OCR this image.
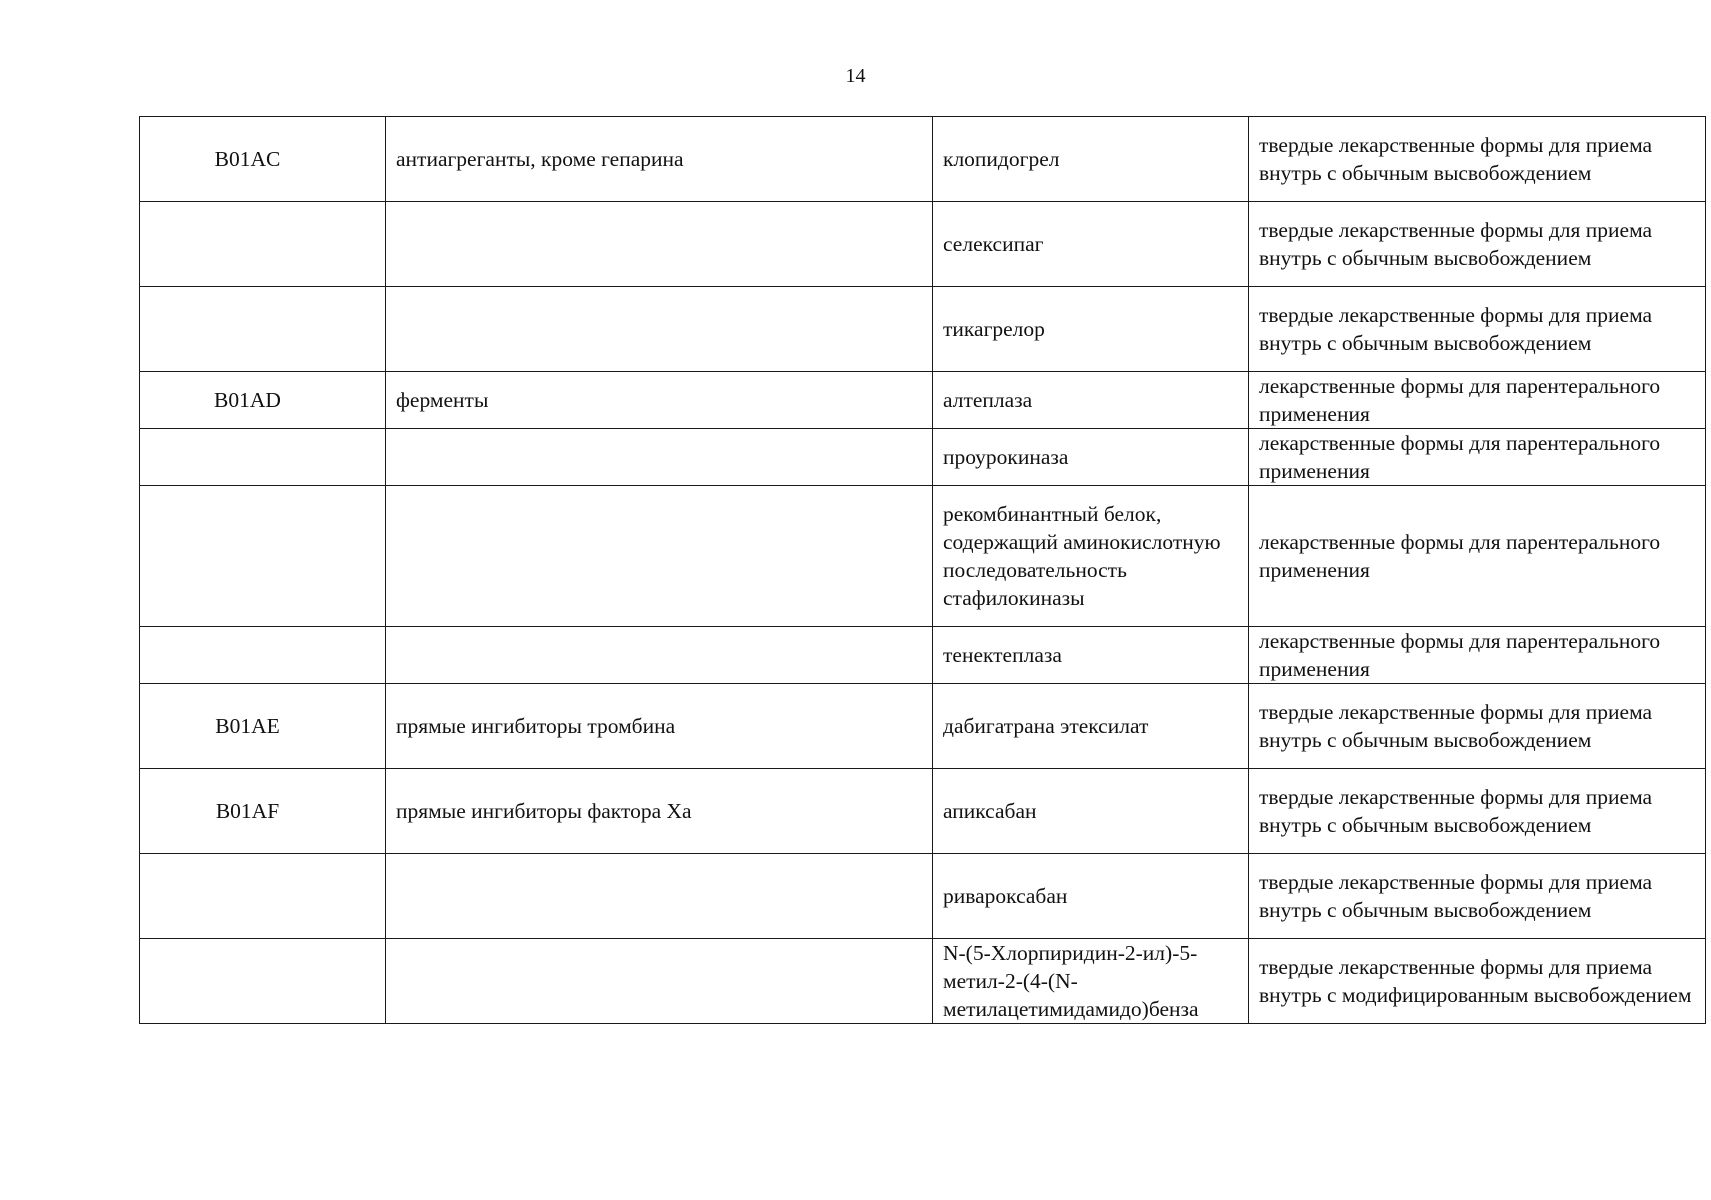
14
B01AC	антиагреганты, кроме гепарина	клопидогрел	твердые лекарственные формы для приема внутрь с обычным высвобождением
		селексипаг	твердые лекарственные формы для приема внутрь с обычным высвобождением
		тикагрелор	твердые лекарственные формы для приема внутрь с обычным высвобождением
B01AD	ферменты	алтеплаза	лекарственные формы для парентерального применения
		проурокиназа	лекарственные формы для парентерального применения
		рекомбинантный белок, содержащий аминокислотную последовательность стафилокиназы	лекарственные формы для парентерального применения
		тенектеплаза	лекарственные формы для парентерального применения
B01AE	прямые ингибиторы тромбина	дабигатрана этексилат	твердые лекарственные формы для приема внутрь с обычным высвобождением
B01AF	прямые ингибиторы фактора Xa	апиксабан	твердые лекарственные формы для приема внутрь с обычным высвобождением
		ривароксабан	твердые лекарственные формы для приема внутрь с обычным высвобождением
		N-(5-Хлорпиридин-2-ил)-5-метил-2-(4-(N-метилацетимидамидо)бенза	твердые лекарственные формы для приема внутрь с модифицированным высвобождением
